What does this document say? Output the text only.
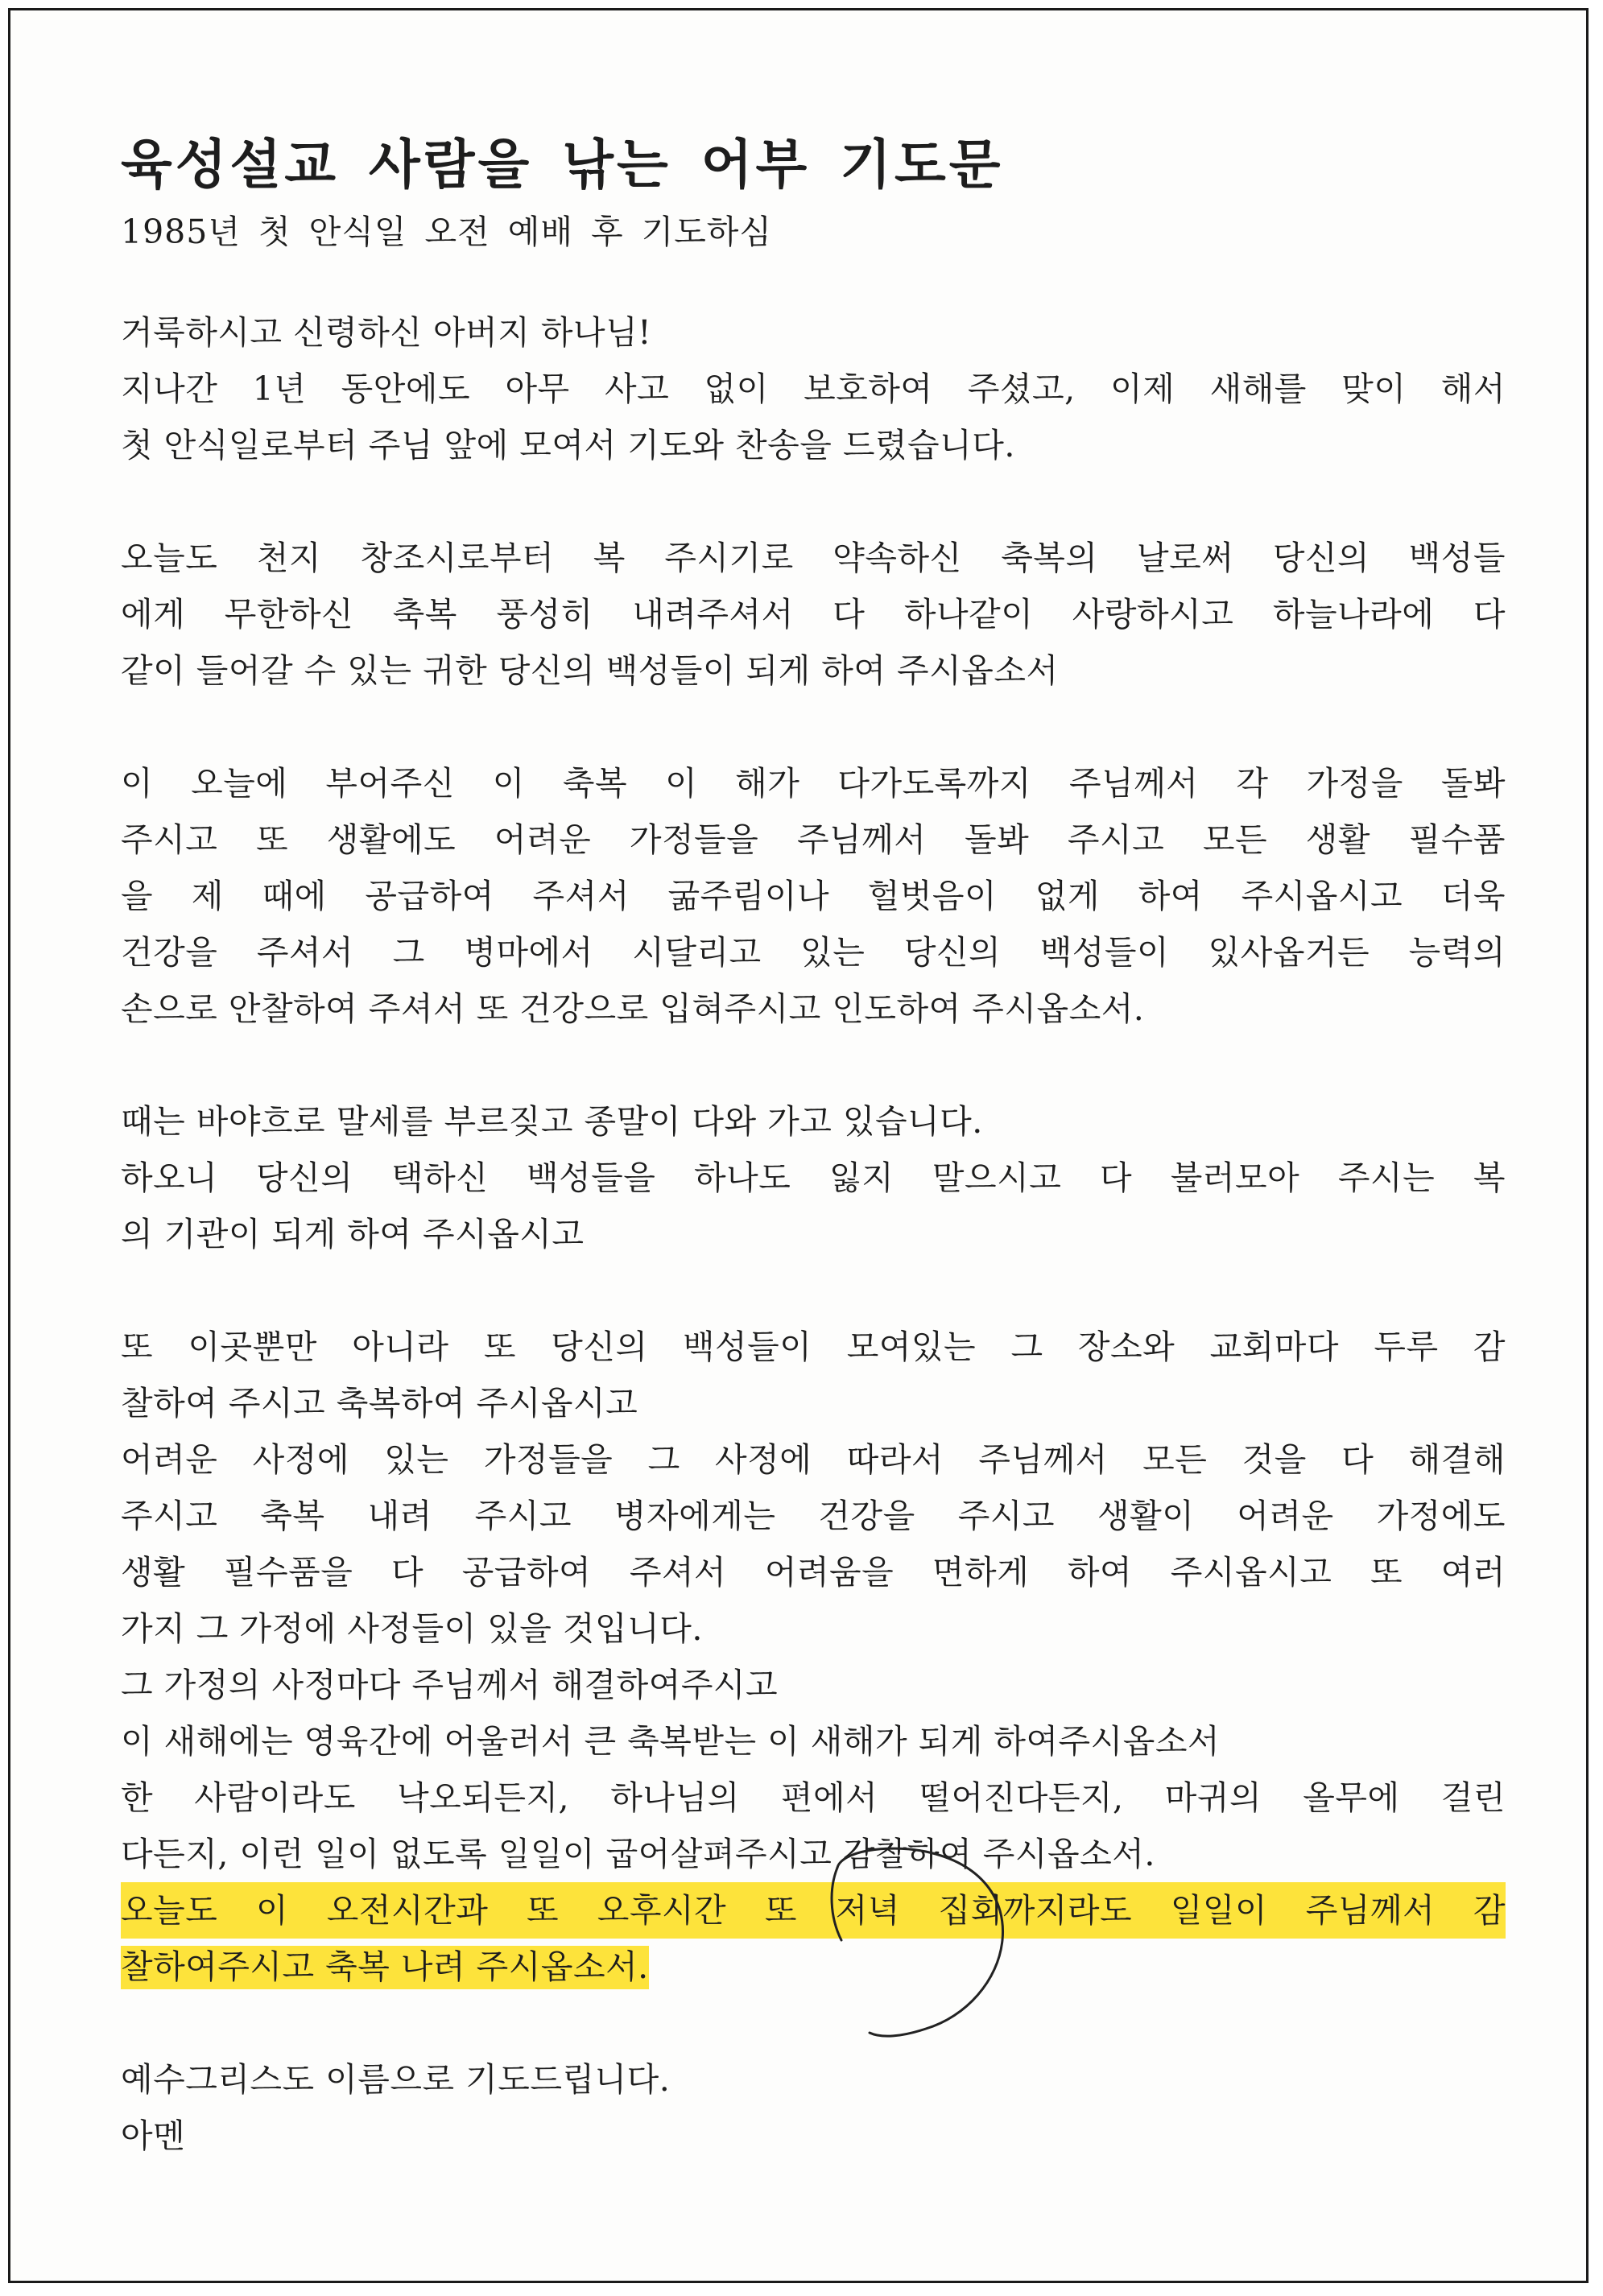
육성설교 사람을 낚는 어부 기도문
1985년 첫 안식일 오전 예배 후 기도하심
거룩하시고 신령하신 아버지 하나님!
지나간 1년 동안에도 아무 사고 없이 보호하여 주셨고, 이제 새해를 맞이 해서
첫 안식일로부터 주님 앞에 모여서 기도와 찬송을 드렸습니다.
오늘도 천지 창조시로부터 복 주시기로 약속하신 축복의 날로써 당신의 백성들
에게 무한하신 축복 풍성히 내려주셔서 다 하나같이 사랑하시고 하늘나라에 다
같이 들어갈 수 있는 귀한 당신의 백성들이 되게 하여 주시옵소서
이 오늘에 부어주신 이 축복 이 해가 다가도록까지 주님께서 각 가정을 돌봐
주시고 또 생활에도 어려운 가정들을 주님께서 돌봐 주시고 모든 생활 필수품
을 제 때에 공급하여 주셔서 굶주림이나 헐벗음이 없게 하여 주시옵시고 더욱
건강을 주셔서 그 병마에서 시달리고 있는 당신의 백성들이 있사옵거든 능력의
손으로 안찰하여 주셔서 또 건강으로 입혀주시고 인도하여 주시옵소서.
때는 바야흐로 말세를 부르짖고 종말이 다와 가고 있습니다.
하오니 당신의 택하신 백성들을 하나도 잃지 말으시고 다 불러모아 주시는 복
의 기관이 되게 하여 주시옵시고
또 이곳뿐만 아니라 또 당신의 백성들이 모여있는 그 장소와 교회마다 두루 감
찰하여 주시고 축복하여 주시옵시고
어려운 사정에 있는 가정들을 그 사정에 따라서 주님께서 모든 것을 다 해결해
주시고 축복 내려 주시고 병자에게는 건강을 주시고 생활이 어려운 가정에도
생활 필수품을 다 공급하여 주셔서 어려움을 면하게 하여 주시옵시고 또 여러
가지 그 가정에 사정들이 있을 것입니다.
그 가정의 사정마다 주님께서 해결하여주시고
이 새해에는 영육간에 어울러서 큰 축복받는 이 새해가 되게 하여주시옵소서
한 사람이라도 낙오되든지, 하나님의 편에서 떨어진다든지, 마귀의 올무에 걸린
다든지, 이런 일이 없도록 일일이 굽어살펴주시고 감찰하여 주시옵소서.
오늘도 이 오전시간과 또 오후시간 또 저녁 집회까지라도 일일이 주님께서 감
찰하여주시고 축복 나려 주시옵소서.
예수그리스도 이름으로 기도드립니다.
아멘
